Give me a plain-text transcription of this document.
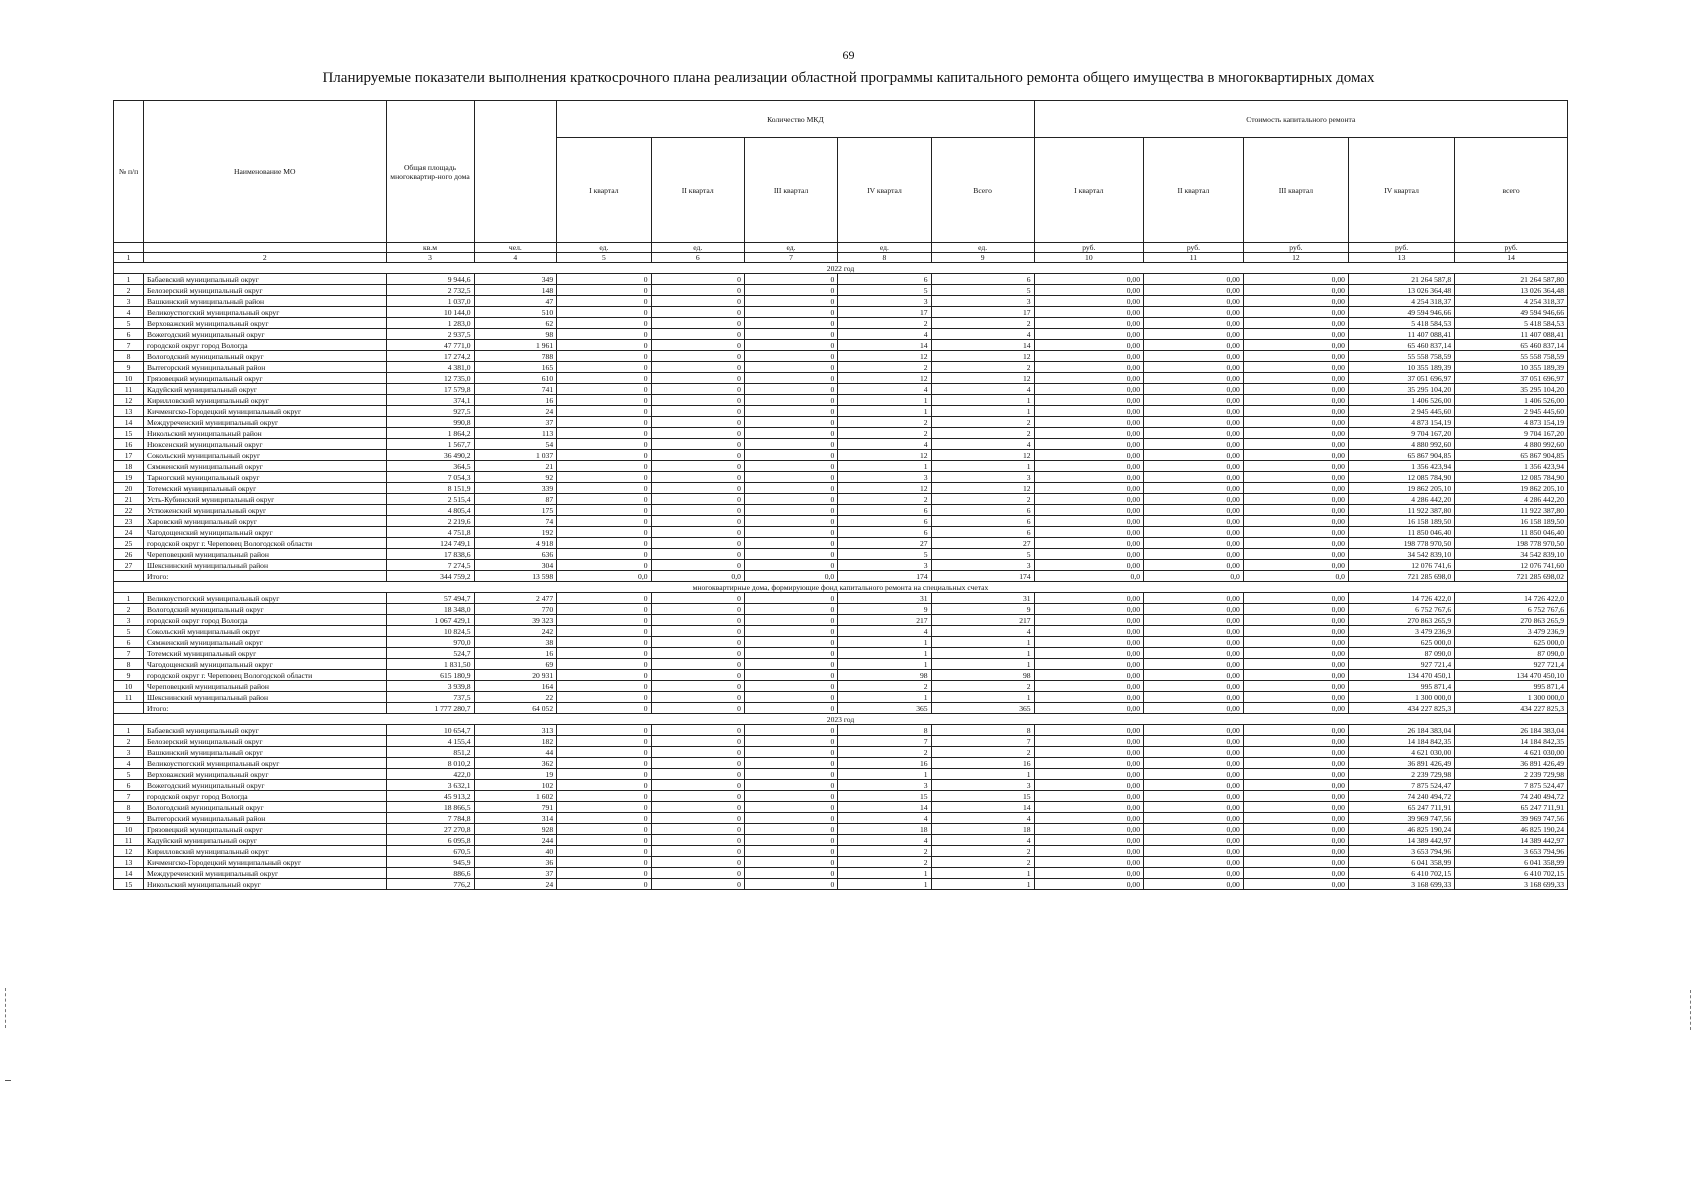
69
Планируемые показатели выполнения краткосрочного плана реализации областной программы капитального ремонта общего имущества в многоквартирных домах
№ п/п	Наименование МО	Общая площадь многоквартир-ного дома		Количество МКД					Стоимость капитального ремонта				
				I квартал	II квартал	III квартал	IV квартал	Всего	I квартал	II квартал	III квартал	IV квартал	всего
		кв.м	чел.	ед.	ед.	ед.	ед.	ед.	руб.	руб.	руб.	руб.	руб.
1	2	3	4	5	6	7	8	9	10	11	12	13	14
2022 год													
1	Бабаевский муниципальный округ	9 944,6	349	0	0	0	6	6	0,00	0,00	0,00	21 264 587,8	21 264 587,80
2	Белозерский муниципальный округ	2 732,5	148	0	0	0	5	5	0,00	0,00	0,00	13 026 364,48	13 026 364,48
3	Вашкинский муниципальный район	1 037,0	47	0	0	0	3	3	0,00	0,00	0,00	4 254 318,37	4 254 318,37
4	Великоустюгский муниципальный округ	10 144,0	510	0	0	0	17	17	0,00	0,00	0,00	49 594 946,66	49 594 946,66
5	Верховажский муниципальный округ	1 283,0	62	0	0	0	2	2	0,00	0,00	0,00	5 418 584,53	5 418 584,53
6	Вожегодский муниципальный округ	2 937,5	98	0	0	0	4	4	0,00	0,00	0,00	11 407 088,41	11 407 088,41
7	городской округ город Вологда	47 771,0	1 961	0	0	0	14	14	0,00	0,00	0,00	65 460 837,14	65 460 837,14
8	Вологодский муниципальный округ	17 274,2	788	0	0	0	12	12	0,00	0,00	0,00	55 558 758,59	55 558 758,59
9	Вытегорский муниципальный район	4 381,0	165	0	0	0	2	2	0,00	0,00	0,00	10 355 189,39	10 355 189,39
10	Грязовецкий муниципальный округ	12 735,0	610	0	0	0	12	12	0,00	0,00	0,00	37 051 696,97	37 051 696,97
11	Кадуйский муниципальный округ	17 579,8	741	0	0	0	4	4	0,00	0,00	0,00	35 295 104,20	35 295 104,20
12	Кирилловский муниципальный округ	374,1	16	0	0	0	1	1	0,00	0,00	0,00	1 406 526,00	1 406 526,00
13	Кичменгско-Городецкий муниципальный округ	927,5	24	0	0	0	1	1	0,00	0,00	0,00	2 945 445,60	2 945 445,60
14	Междуреченский муниципальный округ	990,8	37	0	0	0	2	2	0,00	0,00	0,00	4 873 154,19	4 873 154,19
15	Никольский муниципальный район	1 864,2	113	0	0	0	2	2	0,00	0,00	0,00	9 704 167,20	9 704 167,20
16	Нюксенский муниципальный округ	1 567,7	54	0	0	0	4	4	0,00	0,00	0,00	4 880 992,60	4 880 992,60
17	Сокольский муниципальный округ	36 490,2	1 037	0	0	0	12	12	0,00	0,00	0,00	65 867 904,85	65 867 904,85
18	Сямженский муниципальный округ	364,5	21	0	0	0	1	1	0,00	0,00	0,00	1 356 423,94	1 356 423,94
19	Тарногский муниципальный округ	7 054,3	92	0	0	0	3	3	0,00	0,00	0,00	12 085 784,90	12 085 784,90
20	Тотемский муниципальный округ	8 151,9	339	0	0	0	12	12	0,00	0,00	0,00	19 862 205,10	19 862 205,10
21	Усть-Кубинский муниципальный округ	2 515,4	87	0	0	0	2	2	0,00	0,00	0,00	4 286 442,20	4 286 442,20
22	Устюженский муниципальный округ	4 805,4	175	0	0	0	6	6	0,00	0,00	0,00	11 922 387,80	11 922 387,80
23	Харовский муниципальный округ	2 219,6	74	0	0	0	6	6	0,00	0,00	0,00	16 158 189,50	16 158 189,50
24	Чагодощенский муниципальный округ	4 751,8	192	0	0	0	6	6	0,00	0,00	0,00	11 850 046,40	11 850 046,40
25	городской округ г. Череповец Вологодской области	124 749,1	4 918	0	0	0	27	27	0,00	0,00	0,00	198 778 970,50	198 778 970,50
26	Череповецкий муниципальный район	17 838,6	636	0	0	0	5	5	0,00	0,00	0,00	34 542 839,10	34 542 839,10
27	Шекснинский муниципальный район	7 274,5	304	0	0	0	3	3	0,00	0,00	0,00	12 076 741,6	12 076 741,60
	Итого:	344 759,2	13 598	0,0	0,0	0,0	174	174	0,0	0,0	0,0	721 285 698,0	721 285 698,02
многоквартирные дома, формирующие фонд капитального ремонта на специальных счетах													
1	Великоустюгский муниципальный округ	57 494,7	2 477	0	0	0	31	31	0,00	0,00	0,00	14 726 422,0	14 726 422,0
2	Вологодский муниципальный округ	18 348,0	770	0	0	0	9	9	0,00	0,00	0,00	6 752 767,6	6 752 767,6
3	городской округ город Вологда	1 067 429,1	39 323	0	0	0	217	217	0,00	0,00	0,00	270 863 265,9	270 863 265,9
5	Сокольский муниципальный округ	10 824,5	242	0	0	0	4	4	0,00	0,00	0,00	3 479 236,9	3 479 236,9
6	Сямженский муниципальный округ	970,0	38	0	0	0	1	1	0,00	0,00	0,00	625 000,0	625 000,0
7	Тотемский муниципальный округ	524,7	16	0	0	0	1	1	0,00	0,00	0,00	87 090,0	87 090,0
8	Чагодощенский муниципальный округ	1 831,50	69	0	0	0	1	1	0,00	0,00	0,00	927 721,4	927 721,4
9	городской округ г. Череповец Вологодской области	615 180,9	20 931	0	0	0	98	98	0,00	0,00	0,00	134 470 450,1	134 470 450,10
10	Череповецкий муниципальный район	3 939,8	164	0	0	0	2	2	0,00	0,00	0,00	995 871,4	995 871,4
11	Шекснинский муниципальный район	737,5	22	0	0	0	1	1	0,00	0,00	0,00	1 300 000,0	1 300 000,0
	Итого:	1 777 280,7	64 052	0	0	0	365	365	0,00	0,00	0,00	434 227 825,3	434 227 825,3
2023 год													
1	Бабаевский муниципальный округ	10 654,7	313	0	0	0	8	8	0,00	0,00	0,00	26 184 383,04	26 184 383,04
2	Белозерский муниципальный округ	4 155,4	182	0	0	0	7	7	0,00	0,00	0,00	14 184 842,35	14 184 842,35
3	Вашкинский муниципальный округ	851,2	44	0	0	0	2	2	0,00	0,00	0,00	4 621 030,00	4 621 030,00
4	Великоустюгский муниципальный округ	8 010,2	362	0	0	0	16	16	0,00	0,00	0,00	36 891 426,49	36 891 426,49
5	Верховажский муниципальный округ	422,0	19	0	0	0	1	1	0,00	0,00	0,00	2 239 729,98	2 239 729,98
6	Вожегодский муниципальный округ	3 632,1	102	0	0	0	3	3	0,00	0,00	0,00	7 875 524,47	7 875 524,47
7	городской округ город Вологда	45 913,2	1 602	0	0	0	15	15	0,00	0,00	0,00	74 240 494,72	74 240 494,72
8	Вологодский муниципальный округ	18 866,5	791	0	0	0	14	14	0,00	0,00	0,00	65 247 711,91	65 247 711,91
9	Вытегорский муниципальный район	7 784,8	314	0	0	0	4	4	0,00	0,00	0,00	39 969 747,56	39 969 747,56
10	Грязовецкий муниципальный округ	27 270,8	928	0	0	0	18	18	0,00	0,00	0,00	46 825 190,24	46 825 190,24
11	Кадуйский муниципальный округ	6 095,8	244	0	0	0	4	4	0,00	0,00	0,00	14 389 442,97	14 389 442,97
12	Кирилловский муниципальный округ	670,5	40	0	0	0	2	2	0,00	0,00	0,00	3 653 794,96	3 653 794,96
13	Кичменгско-Городецкий муниципальный округ	945,9	36	0	0	0	2	2	0,00	0,00	0,00	6 041 358,99	6 041 358,99
14	Междуреченский муниципальный округ	886,6	37	0	0	0	1	1	0,00	0,00	0,00	6 410 702,15	6 410 702,15
15	Никольский муниципальный округ	776,2	24	0	0	0	1	1	0,00	0,00	0,00	3 168 699,33	3 168 699,33
